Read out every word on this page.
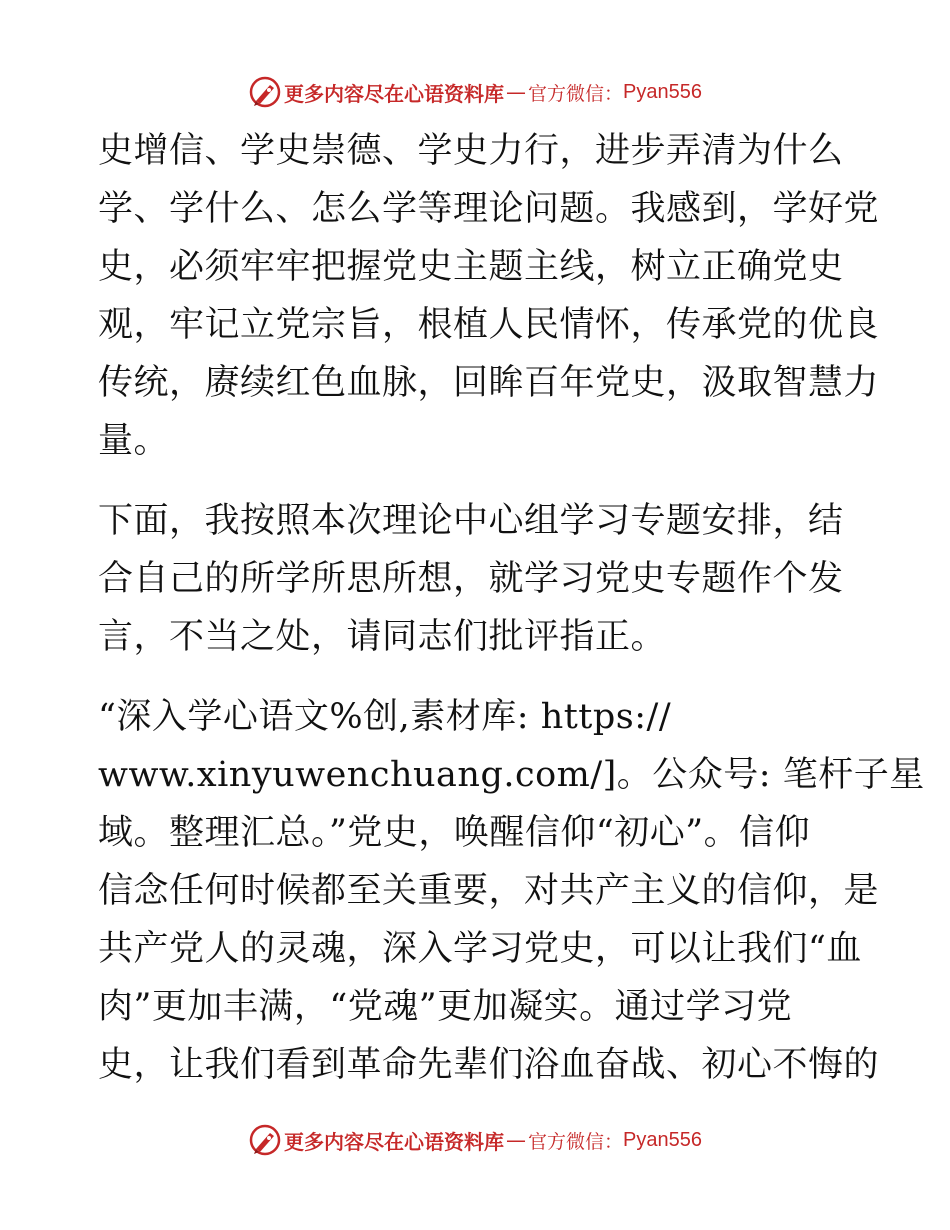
更多内容尽在心语资料库 — 官方微信： Pyan556
史增信、学史崇德、学史力行，进步弄清为什么
学、学什么、怎么学等理论问题。我感到，学好党
史，必须牢牢把握党史主题主线，树立正确党史
观，牢记立党宗旨，根植人民情怀，传承党的优良
传统，赓续红色血脉，回眸百年党史，汲取智慧力
量。
下面，我按照本次理论中心组学习专题安排，结
合自己的所学所思所想，就学习党史专题作个发
言，不当之处，请同志们批评指正。
“深入学心语文%创,素材库: https://
www.xinyuwenchuang.com/]。公众号: 笔杆子星
域。整理汇总。”党史，唤醒信仰“初心”。信仰
信念任何时候都至关重要，对共产主义的信仰，是
共产党人的灵魂，深入学习党史，可以让我们“血
肉”更加丰满，“党魂”更加凝实。通过学习党
史，让我们看到革命先辈们浴血奋战、初心不悔的
更多内容尽在心语资料库 — 官方微信： Pyan556
